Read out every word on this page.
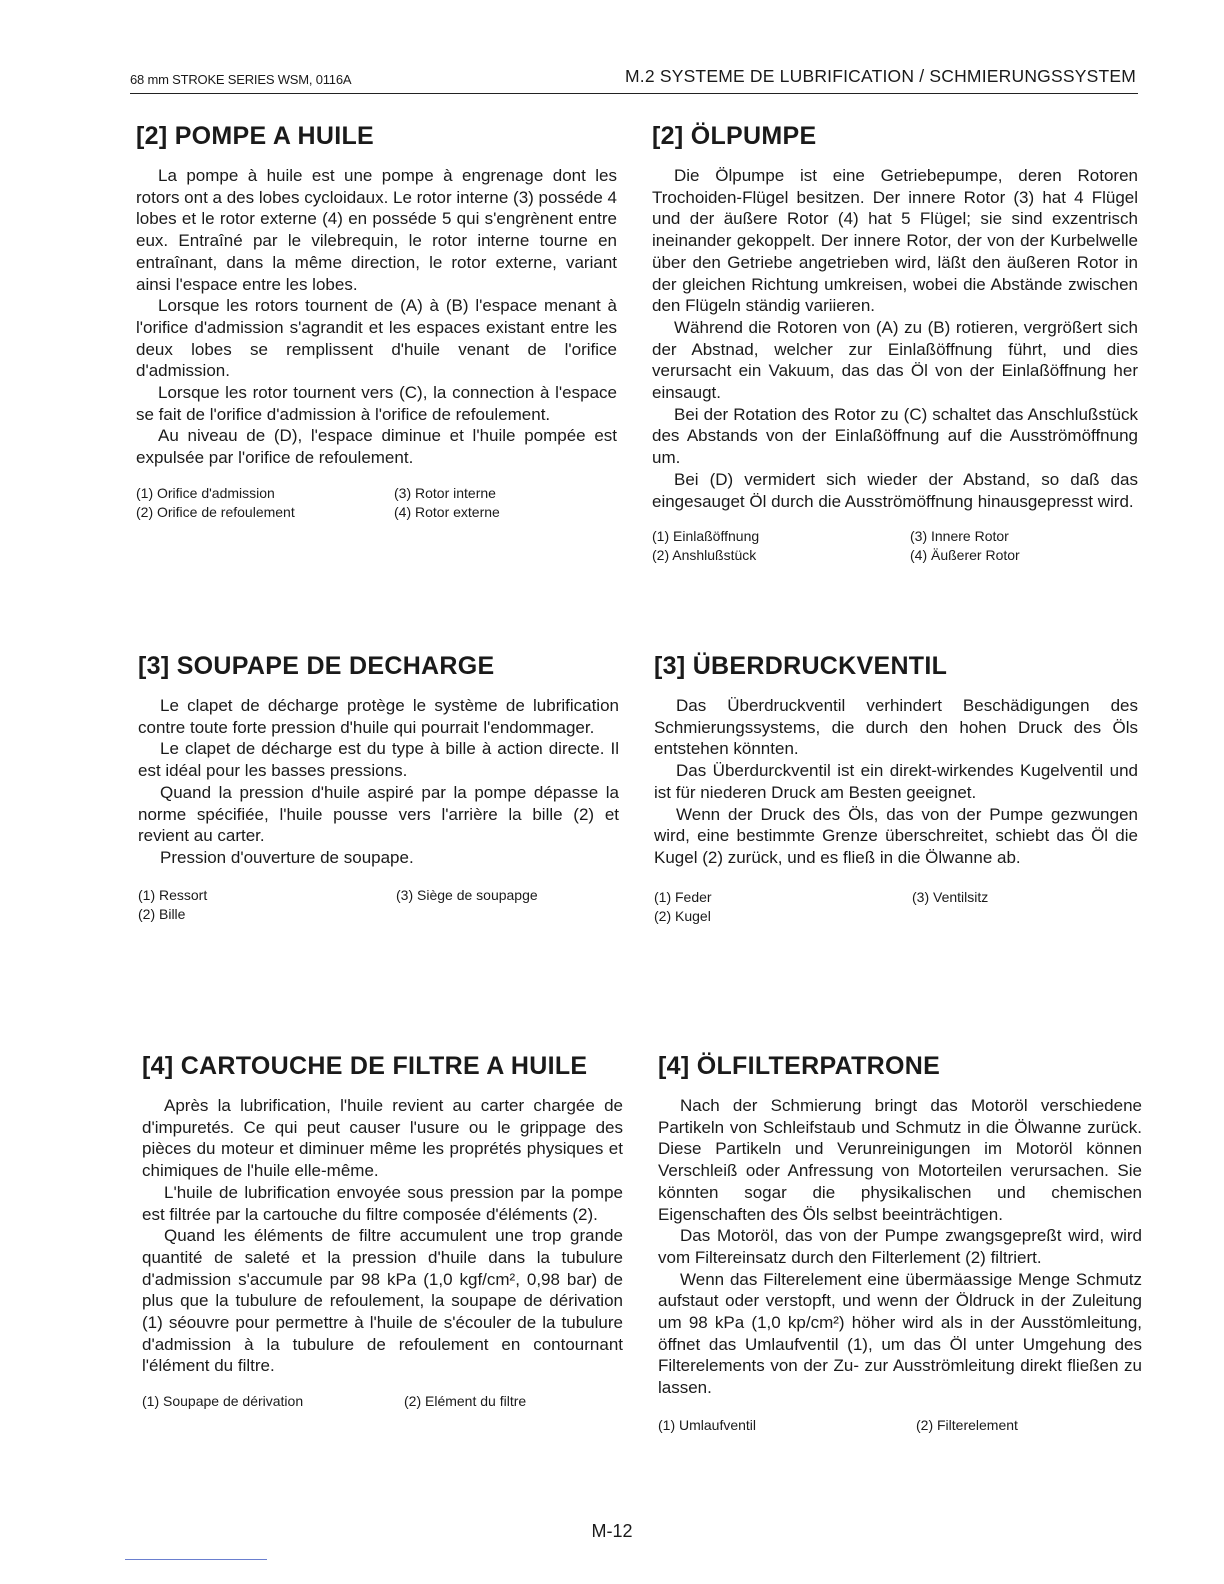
68 mm STROKE SERIES WSM, 0116A	M.2 SYSTEME DE LUBRIFICATION / SCHMIERUNGSSYSTEM
[2] POMPE A HUILE

La pompe à huile est une pompe à engrenage dont les rotors ont a des lobes cycloidaux. Le rotor interne (3) posséde 4 lobes et le rotor externe (4) en posséde 5 qui s'engrènent entre eux. Entraîné par le vilebrequin, le rotor interne tourne en entraînant, dans la même direction, le rotor externe, variant ainsi l'espace entre les lobes.

Lorsque les rotors tournent de (A) à (B) l'espace menant à l'orifice d'admission s'agrandit et les espaces existant entre les deux lobes se remplissent d'huile venant de l'orifice d'admission.

Lorsque les rotor tournent vers (C), la connection à l'espace se fait de l'orifice d'admission à l'orifice de refoulement.

Au niveau de (D), l'espace diminue et l'huile pompée est expulsée par l'orifice de refoulement.

(1) Orifice d'admission	(3) Rotor interne
(2) Orifice de refoulement	(4) Rotor externe
[2] ÖLPUMPE

Die Ölpumpe ist eine Getriebepumpe, deren Rotoren Trochoiden-Flügel besitzen. Der innere Rotor (3) hat 4 Flügel und der äußere Rotor (4) hat 5 Flügel; sie sind exzentrisch ineinander gekoppelt. Der innere Rotor, der von der Kurbelwelle über den Getriebe angetrieben wird, läßt den äußeren Rotor in der gleichen Richtung umkreisen, wobei die Abstände zwischen den Flügeln ständig variieren.

Während die Rotoren von (A) zu (B) rotieren, vergrößert sich der Abstnad, welcher zur Einlaßöffnung führt, und dies verursacht ein Vakuum, das das Öl von der Einlaßöffnung her einsaugt.

Bei der Rotation des Rotor zu (C) schaltet das Anschlußstück des Abstands von der Einlaßöffnung auf die Ausströmöffnung um.

Bei (D) vermidert sich wieder der Abstand, so daß das eingesauget Öl durch die Ausströmöffnung hinausgepresst wird.

(1) Einlaßöffnung	(3) Innere Rotor
(2) Anshlußstück	(4) Äußerer Rotor
[3] SOUPAPE DE DECHARGE

Le clapet de décharge protège le système de lubrification contre toute forte pression d'huile qui pourrait l'endommager.

Le clapet de décharge est du type à bille à action directe. Il est idéal pour les basses pressions.

Quand la pression d'huile aspiré par la pompe dépasse la norme spécifiée, l'huile pousse vers l'arrière la bille (2) et revient au carter.

Pression d'ouverture de soupape.

(1) Ressort	(3) Siège de soupapge
(2) Bille
[3] ÜBERDRUCKVENTIL

Das Überdruckventil verhindert Beschädigungen des Schmierungssystems, die durch den hohen Druck des Öls entstehen könnten.

Das Überdurckventil ist ein direkt-wirkendes Kugelventil und ist für niederen Druck am Besten geeignet.

Wenn der Druck des Öls, das von der Pumpe gezwungen wird, eine bestimmte Grenze überschreitet, schiebt das Öl die Kugel (2) zurück, und es fließ in die Ölwanne ab.

(1) Feder	(3) Ventilsitz
(2) Kugel
[4] CARTOUCHE DE FILTRE A HUILE

Après la lubrification, l'huile revient au carter chargée de d'impuretés. Ce qui peut causer l'usure ou le grippage des pièces du moteur et diminuer même les proprétés physiques et chimiques de l'huile elle-même.

L'huile de lubrification envoyée sous pression par la pompe est filtrée par la cartouche du filtre composée d'éléments (2).

Quand les éléments de filtre accumulent une trop grande quantité de saleté et la pression d'huile dans la tubulure d'admission s'accumule par 98 kPa (1,0 kgf/cm², 0,98 bar) de plus que la tubulure de refoulement, la soupape de dérivation (1) séouvre pour permettre à l'huile de s'écouler de la tubulure d'admission à la tubulure de refoulement en contournant l'élément du filtre.

(1) Soupape de dérivation	(2) Elément du filtre
[4] ÖLFILTERPATRONE

Nach der Schmierung bringt das Motoröl verschiedene Partikeln von Schleifstaub und Schmutz in die Ölwanne zurück. Diese Partikeln und Verunreinigungen im Motoröl können Verschleiß oder Anfressung von Motorteilen verursachen. Sie könnten sogar die physikalischen und chemischen Eigenschaften des Öls selbst beeinträchtigen.

Das Motoröl, das von der Pumpe zwangsgepreßt wird, wird vom Filtereinsatz durch den Filterlement (2) filtriert.

Wenn das Filterelement eine übermäassige Menge Schmutz aufstaut oder verstopft, und wenn der Öldruck in der Zuleitung um 98 kPa (1,0 kp/cm²) höher wird als in der Ausstömleitung, öffnet das Umlaufventil (1), um das Öl unter Umgehung des Filterelements von der Zu- zur Ausströmleitung direkt fließen zu lassen.

(1) Umlaufventil	(2) Filterelement
M-12
